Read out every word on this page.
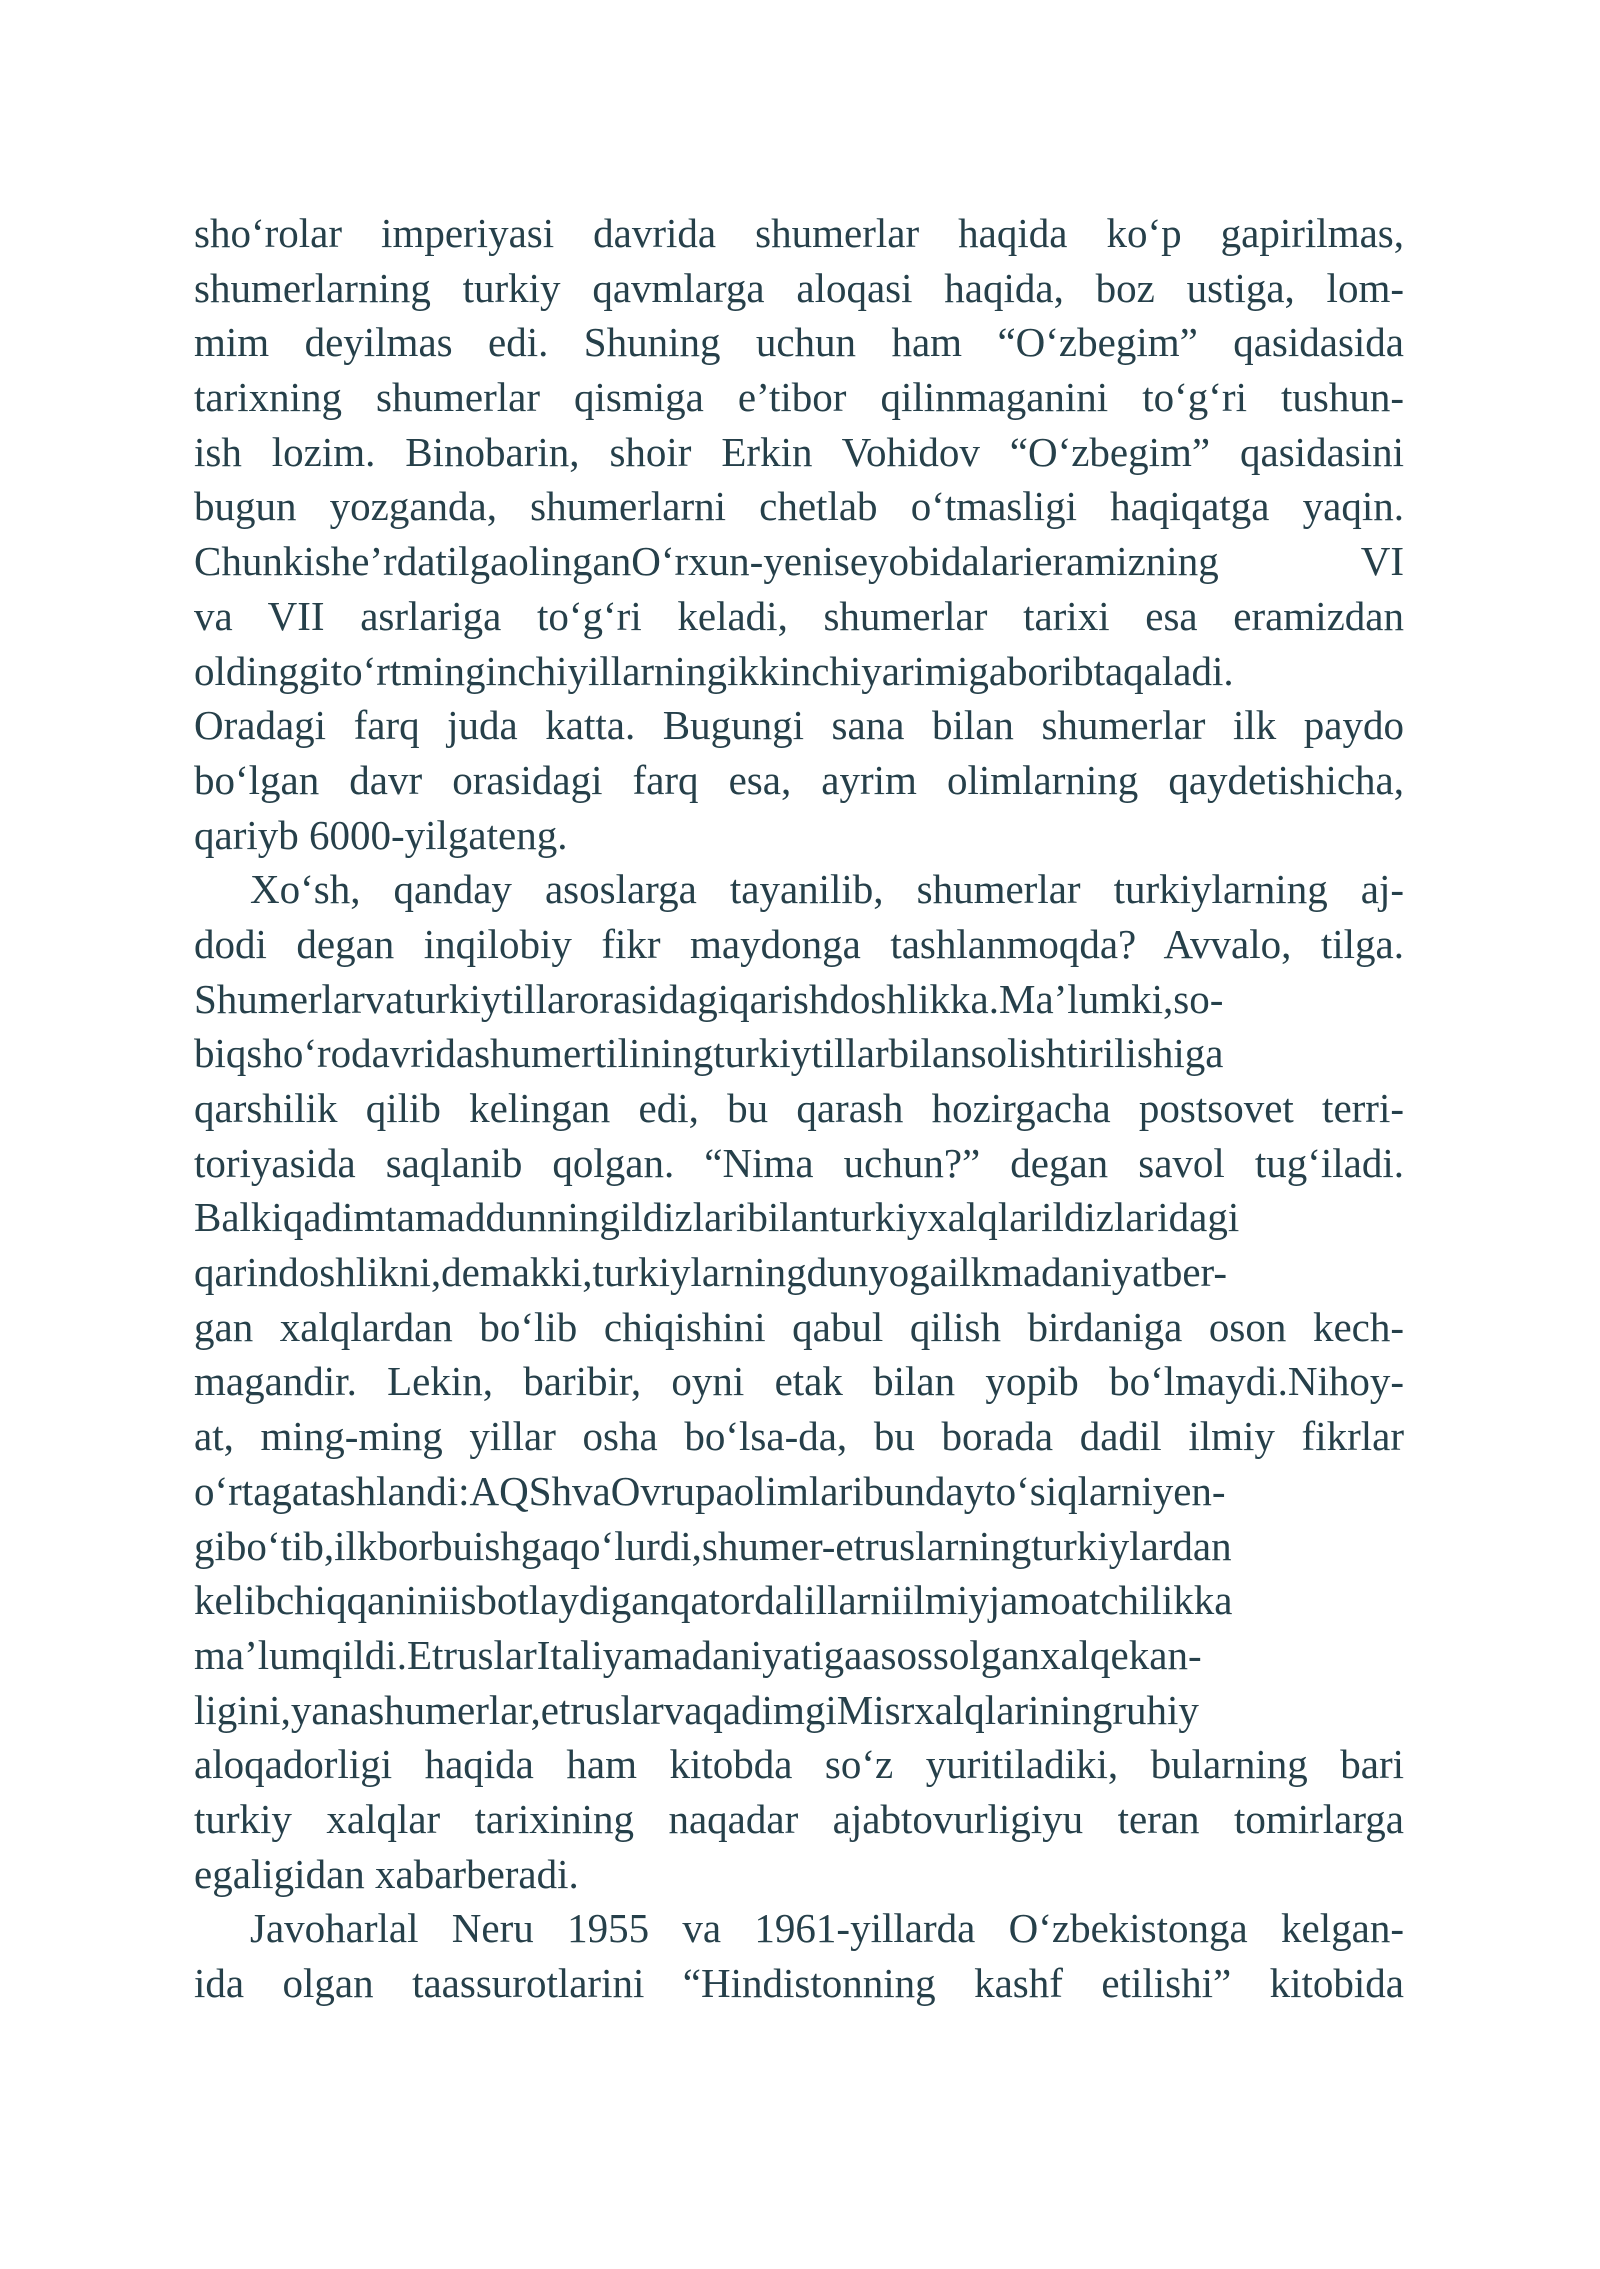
sho‘rolar imperiyasi davrida shumerlar haqida ko‘p gapirilmas,
shumerlarning turkiy qavmlarga aloqasi haqida, boz ustiga, lom-
mim deyilmas edi. Shuning uchun ham “O‘zbegim” qasidasida
tarixning shumerlar qismiga e’tibor qilinmaganini to‘g‘ri tushun-
ish lozim. Binobarin, shoir Erkin Vohidov “O‘zbegim” qasidasini
bugun yozganda, shumerlarni chetlab o‘tmasligi haqiqatga yaqin.
Chunkishe’rdatilgaolinganO‘rxun-yeniseyobidalarieramizning VI
va VII asrlariga to‘g‘ri keladi, shumerlar tarixi esa eramizdan
oldinggito‘rtminginchiyillarningikkinchiyarimigaboribtaqaladi.
Oradagi farq juda katta. Bugungi sana bilan shumerlar ilk paydo
bo‘lgan davr orasidagi farq esa, ayrim olimlarning qaydetishicha,
qariyb 6000-yilgateng.
Xo‘sh, qanday asoslarga tayanilib, shumerlar turkiylarning aj-
dodi degan inqilobiy fikr maydonga tashlanmoqda? Avvalo, tilga.
Shumerlarvaturkiytillarorasidagiqarishdoshlikka.Ma’lumki,so-
biqsho‘rodavridashumertiliningturkiytillarbilansolishtirilishiga
qarshilik qilib kelingan edi, bu qarash hozirgacha postsovet terri-
toriyasida saqlanib qolgan. “Nima uchun?” degan savol tug‘iladi.
Balkiqadimtamaddunningildizlaribilanturkiyxalqlarildizlaridagi
qarindoshlikni,demakki,turkiylarningdunyogailkmadaniyatber-
gan xalqlardan bo‘lib chiqishini qabul qilish birdaniga oson kech-
magandir. Lekin, baribir, oyni etak bilan yopib bo‘lmaydi.Nihoy-
at, ming-ming yillar osha bo‘lsa-da, bu borada dadil ilmiy fikrlar
o‘rtagatashlandi:AQShvaOvrupaolimlaribundayto‘siqlarniyen-
gibo‘tib,ilkborbuishgaqo‘lurdi,shumer-etruslarningturkiylardan
kelibchiqqaniniisbotlaydiganqatordalillarniilmiyjamoatchilikka
ma’lumqildi.EtruslarItaliyamadaniyatigaasossolganxalqekan-
ligini,yanashumerlar,etruslarvaqadimgiMisrxalqlariningruhiy
aloqadorligi haqida ham kitobda so‘z yuritiladiki, bularning bari
turkiy xalqlar tarixining naqadar ajabtovurligiyu teran tomirlarga
egaligidan xabarberadi.
Javoharlal Neru 1955 va 1961-yillarda O‘zbekistonga kelgan-
ida olgan taassurotlarini “Hindistonning kashf etilishi” kitobida
